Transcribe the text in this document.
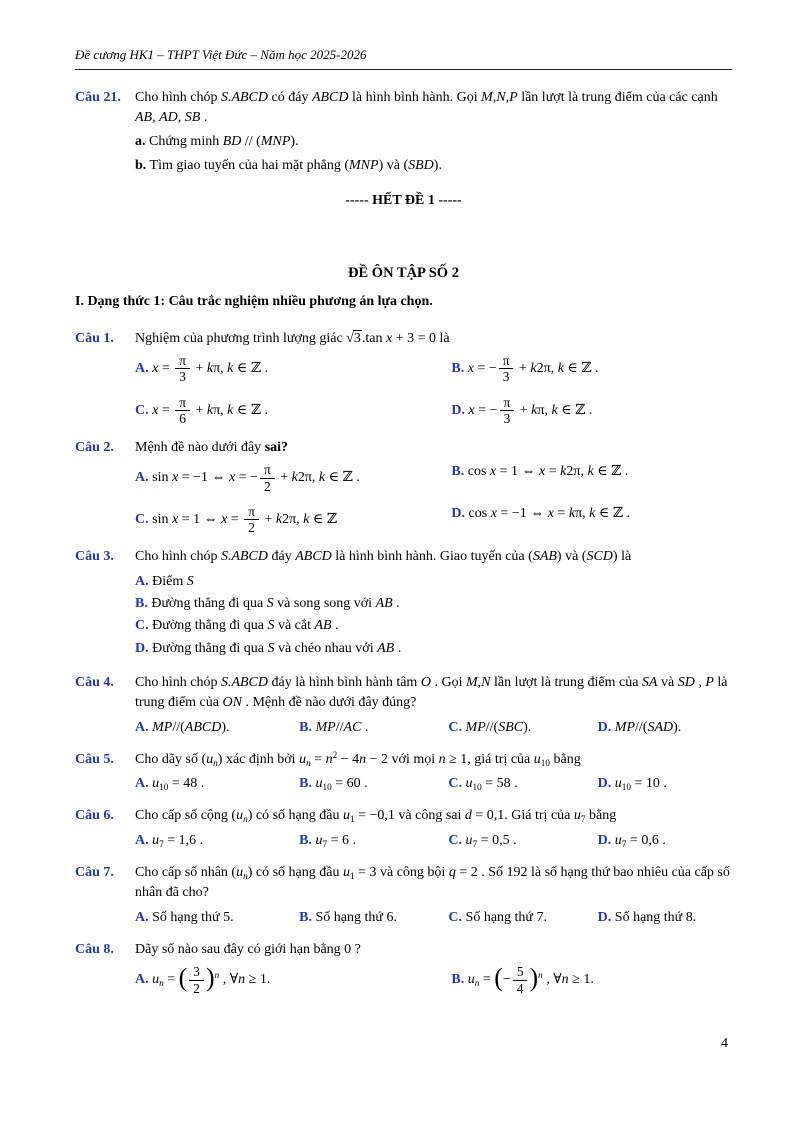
Đề cương HK1 – THPT Việt Đức – Năm học 2025-2026
Câu 21.	Cho hình chóp S.ABCD có đáy ABCD là hình bình hành. Gọi M,N,P lần lượt là trung điểm của các cạnh AB, AD, SB .
a. Chứng minh BD // (MNP).
b. Tìm giao tuyến của hai mặt phẳng (MNP) và (SBD).
----- HẾT ĐỀ 1 -----
ĐỀ ÔN TẬP SỐ 2
I. Dạng thức 1: Câu trắc nghiệm nhiều phương án lựa chọn.
Câu 1.	Nghiệm của phương trình lượng giác √3.tan x + 3 = 0 là
A. $x = \frac{\pi}{3} + k\pi$, k ∈ ℤ .	B. x = − $\frac{\pi}{3} + k2\pi$, k ∈ ℤ .
C. $x = \frac{\pi}{6} + k\pi$, k ∈ ℤ .	D. x = − $\frac{\pi}{3} + k\pi$, k ∈ ℤ .
Câu 2.	Mệnh đề nào dưới đây sai?
A. sin x = −1 ⇔ x = − $\frac{\pi}{2} + k2\pi$, k ∈ ℤ .	B. cos x = 1 ⇔ x = k2π, k ∈ ℤ .
C. sin x = 1 ⇔ $x = \frac{\pi}{2} + k2\pi$, k ∈ ℤ	D. cos x = −1 ⇔ x = kπ, k ∈ ℤ .
Câu 3.	Cho hình chóp S.ABCD đáy ABCD là hình bình hành. Giao tuyến của (SAB) và (SCD) là
A. Điểm S
B. Đường thẳng đi qua S và song song với AB .
C. Đường thẳng đi qua S và cắt AB .
D. Đường thẳng đi qua S và chéo nhau với AB .
Câu 4.	Cho hình chóp S.ABCD đáy là hình bình hành tâm O . Gọi M,N lần lượt là trung điểm của SA và SD , P là trung điểm của ON . Mệnh đề nào dưới đây đúng?
A. MP//(ABCD).	B. MP//AC .	C. MP//(SBC).	D. MP//(SAD).
Câu 5.	Cho dãy số $(u_n)$ xác định bởi $u_n = n^2 - 4n - 2$ với mọi n ≥ 1, giá trị của $u_{10}$ bằng
A. $u_{10} = 48$ .	B. $u_{10} = 60$ .	C. $u_{10} = 58$ .	D. $u_{10} = 10$ .
Câu 6.	Cho cấp số cộng $(u_n)$ có số hạng đầu $u_1 = -0,1$ và công sai d = 0,1. Giá trị của $u_7$ bằng
A. $u_7 = 1,6$ .	B. $u_7 = 6$ .	C. $u_7 = 0,5$ .	D. $u_7 = 0,6$ .
Câu 7.	Cho cấp số nhân $(u_n)$ có số hạng đầu $u_1 = 3$ và công bội q = 2 . Số 192 là số hạng thứ bao nhiêu của cấp số nhân đã cho?
A. Số hạng thứ 5.	B. Số hạng thứ 6.	C. Số hạng thứ 7.	D. Số hạng thứ 8.
Câu 8.	Dãy số nào sau đây có giới hạn bằng 0 ?
A. $u_n$ = ( $\frac{3}{2} )^n$ , ∀n ≥ 1.	B. $u_n$ = (− $\frac{5}{4} )^n$ , ∀n ≥ 1.
4
